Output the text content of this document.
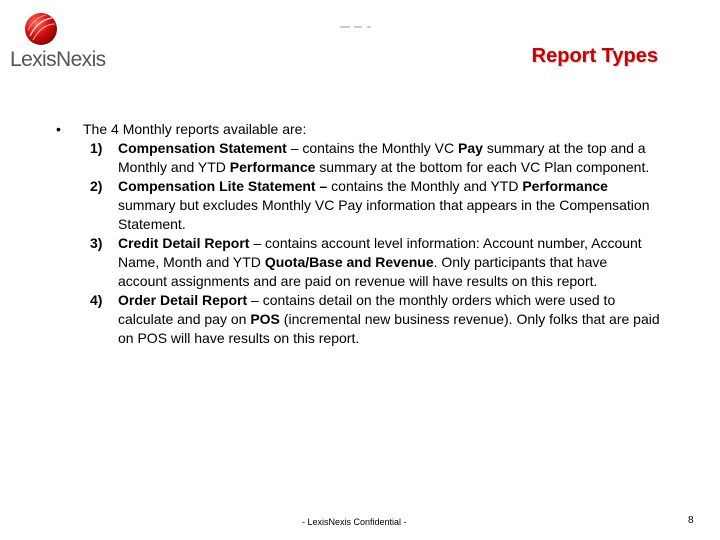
LexisNexis	Report Types
• The 4 Monthly reports available are:
1) Compensation Statement – contains the Monthly VC Pay summary at the top and a Monthly and YTD Performance summary at the bottom for each VC Plan component.
2) Compensation Lite Statement – contains the Monthly and YTD Performance summary but excludes Monthly VC Pay information that appears in the Compensation Statement.
3) Credit Detail Report – contains account level information: Account number, Account Name, Month and YTD Quota/Base and Revenue. Only participants that have account assignments and are paid on revenue will have results on this report.
4) Order Detail Report – contains detail on the monthly orders which were used to calculate and pay on POS (incremental new business revenue). Only folks that are paid on POS will have results on this report.
- LexisNexis Confidential -	8
